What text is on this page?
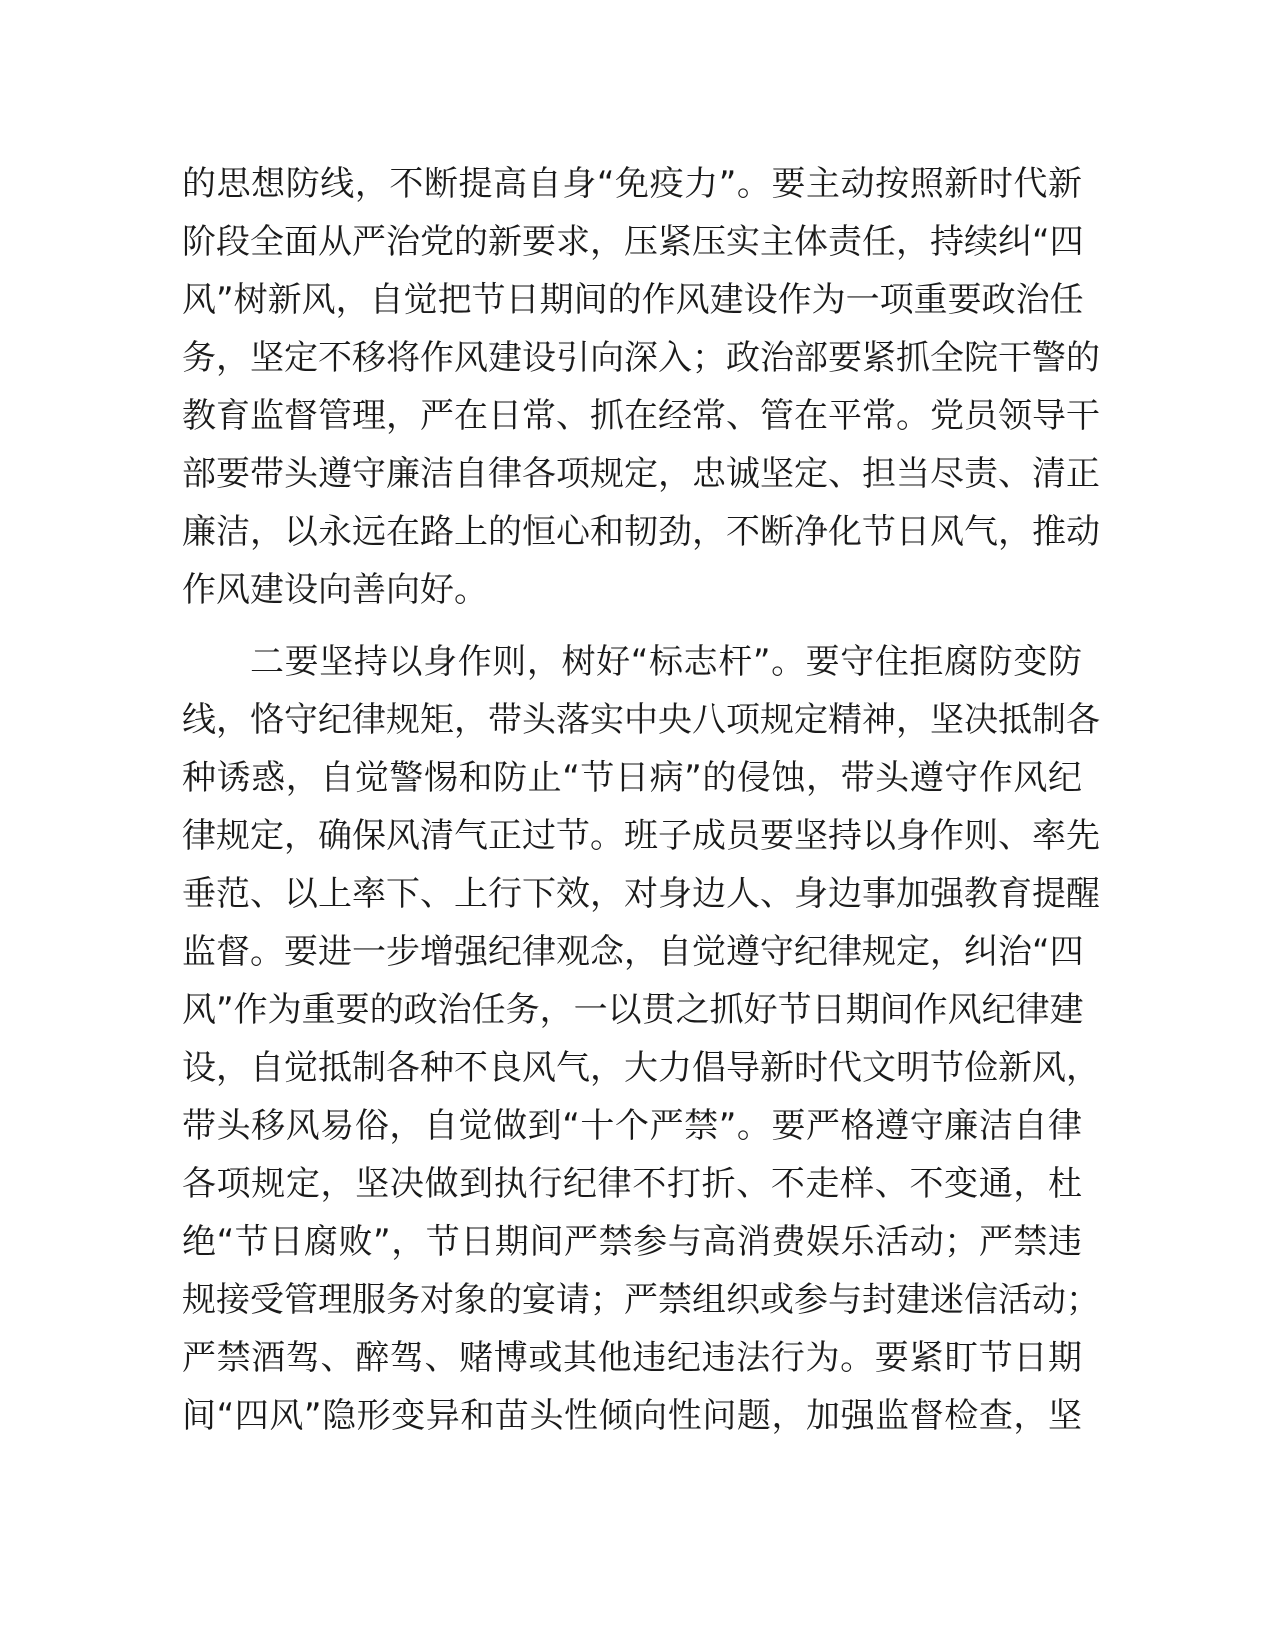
的思想防线，不断提高自身“免疫力”。要主动按照新时代新
阶段全面从严治党的新要求，压紧压实主体责任，持续纠“四
风”树新风，自觉把节日期间的作风建设作为一项重要政治任
务，坚定不移将作风建设引向深入；政治部要紧抓全院干警的
教育监督管理，严在日常、抓在经常、管在平常。党员领导干
部要带头遵守廉洁自律各项规定，忠诚坚定、担当尽责、清正
廉洁，以永远在路上的恒心和韧劲，不断净化节日风气，推动
作风建设向善向好。
二要坚持以身作则，树好“标志杆”。要守住拒腐防变防
线，恪守纪律规矩，带头落实中央八项规定精神，坚决抵制各
种诱惑，自觉警惕和防止“节日病”的侵蚀，带头遵守作风纪
律规定，确保风清气正过节。班子成员要坚持以身作则、率先
垂范、以上率下、上行下效，对身边人、身边事加强教育提醒
监督。要进一步增强纪律观念，自觉遵守纪律规定，纠治“四
风”作为重要的政治任务，一以贯之抓好节日期间作风纪律建
设，自觉抵制各种不良风气，大力倡导新时代文明节俭新风，
带头移风易俗，自觉做到“十个严禁”。要严格遵守廉洁自律
各项规定，坚决做到执行纪律不打折、不走样、不变通，杜
绝“节日腐败”，节日期间严禁参与高消费娱乐活动；严禁违
规接受管理服务对象的宴请；严禁组织或参与封建迷信活动；
严禁酒驾、醉驾、赌博或其他违纪违法行为。要紧盯节日期
间“四风”隐形变异和苗头性倾向性问题，加强监督检查，坚
